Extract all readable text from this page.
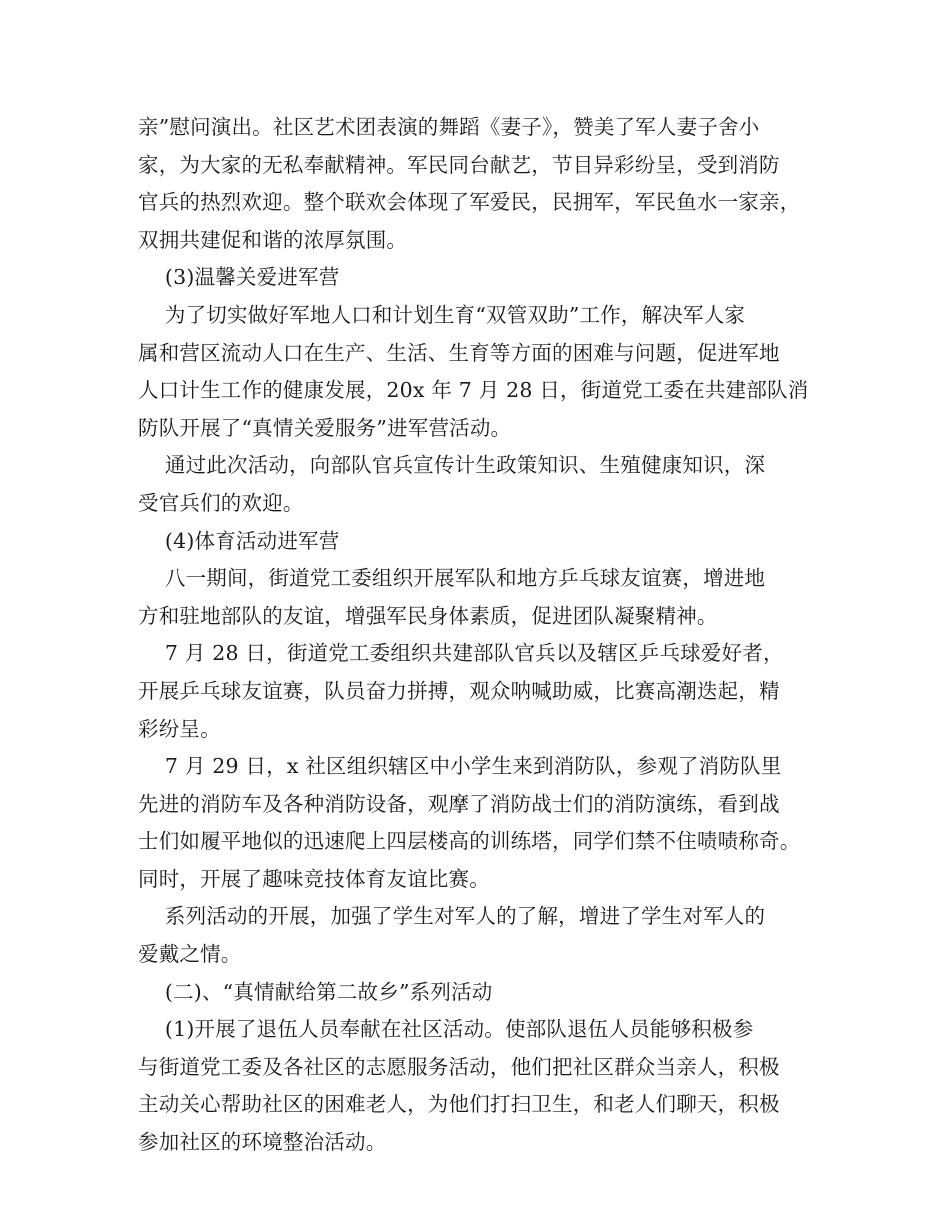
亲”慰问演出。社区艺术团表演的舞蹈《妻子》，赞美了军人妻子舍小
家，为大家的无私奉献精神。军民同台献艺，节目异彩纷呈，受到消防
官兵的热烈欢迎。整个联欢会体现了军爱民，民拥军，军民鱼水一家亲，
双拥共建促和谐的浓厚氛围。
(3)温馨关爱进军营
为了切实做好军地人口和计划生育“双管双助”工作，解决军人家
属和营区流动人口在生产、生活、生育等方面的困难与问题，促进军地
人口计生工作的健康发展，20x 年 7 月 28 日，街道党工委在共建部队消
防队开展了“真情关爱服务”进军营活动。
通过此次活动，向部队官兵宣传计生政策知识、生殖健康知识，深
受官兵们的欢迎。
(4)体育活动进军营
八一期间，街道党工委组织开展军队和地方乒乓球友谊赛，增进地
方和驻地部队的友谊，增强军民身体素质，促进团队凝聚精神。
7 月 28 日，街道党工委组织共建部队官兵以及辖区乒乓球爱好者，
开展乒乓球友谊赛，队员奋力拼搏，观众呐喊助威，比赛高潮迭起，精
彩纷呈。
7 月 29 日，x 社区组织辖区中小学生来到消防队，参观了消防队里
先进的消防车及各种消防设备，观摩了消防战士们的消防演练，看到战
士们如履平地似的迅速爬上四层楼高的训练塔，同学们禁不住啧啧称奇。
同时，开展了趣味竞技体育友谊比赛。
系列活动的开展，加强了学生对军人的了解，增进了学生对军人的
爱戴之情。
(二)、“真情献给第二故乡”系列活动
(1)开展了退伍人员奉献在社区活动。使部队退伍人员能够积极参
与街道党工委及各社区的志愿服务活动，他们把社区群众当亲人，积极
主动关心帮助社区的困难老人，为他们打扫卫生，和老人们聊天，积极
参加社区的环境整治活动。
